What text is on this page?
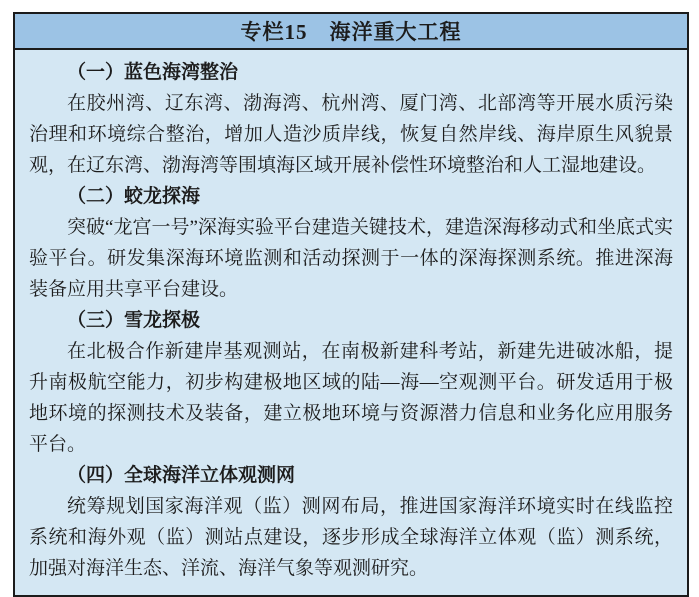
专栏15　海洋重大工程

（一）蓝色海湾整治

在胶州湾、辽东湾、渤海湾、杭州湾、厦门湾、北部湾等开展水质污染治理和环境综合整治，增加人造沙质岸线，恢复自然岸线、海岸原生风貌景观，在辽东湾、渤海湾等围填海区域开展补偿性环境整治和人工湿地建设。

（二）蛟龙探海

突破“龙宫一号”深海实验平台建造关键技术，建造深海移动式和坐底式实验平台。研发集深海环境监测和活动探测于一体的深海探测系统。推进深海装备应用共享平台建设。

（三）雪龙探极

在北极合作新建岸基观测站，在南极新建科考站，新建先进破冰船，提升南极航空能力，初步构建极地区域的陆—海—空观测平台。研发适用于极地环境的探测技术及装备，建立极地环境与资源潜力信息和业务化应用服务平台。

（四）全球海洋立体观测网

统筹规划国家海洋观（监）测网布局，推进国家海洋环境实时在线监控系统和海外观（监）测站点建设，逐步形成全球海洋立体观（监）测系统，加强对海洋生态、洋流、海洋气象等观测研究。
